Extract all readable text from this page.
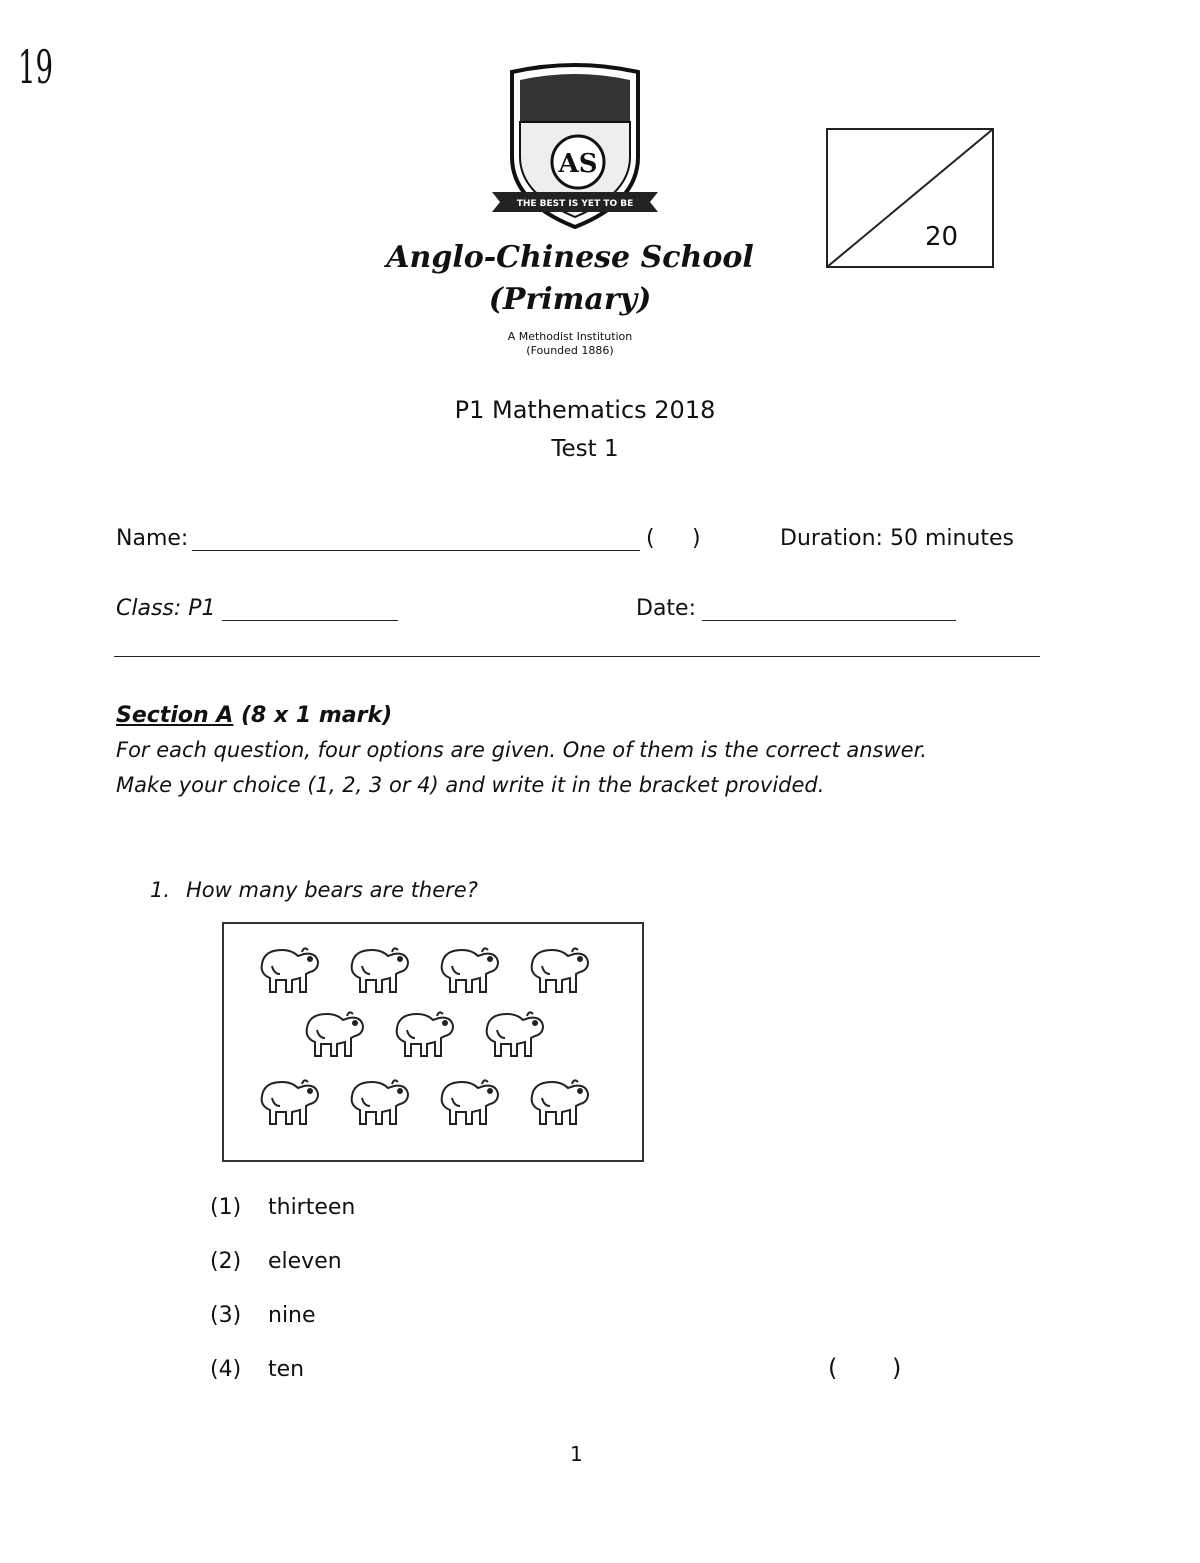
19
AS
THE BEST IS YET TO BE
Anglo-Chinese School
(Primary)
A Methodist Institution
(Founded 1886)
20
P1 Mathematics 2018
Test 1
Name:	( )	Duration: 50 minutes
Class: P1	Date:
Section A (8 x 1 mark)
For each question, four options are given. One of them is the correct answer.
Make your choice (1, 2, 3 or 4) and write it in the bracket provided.
1. How many bears are there?
(1) thirteen
(2) eleven
(3) nine
(4) ten	( )
1
